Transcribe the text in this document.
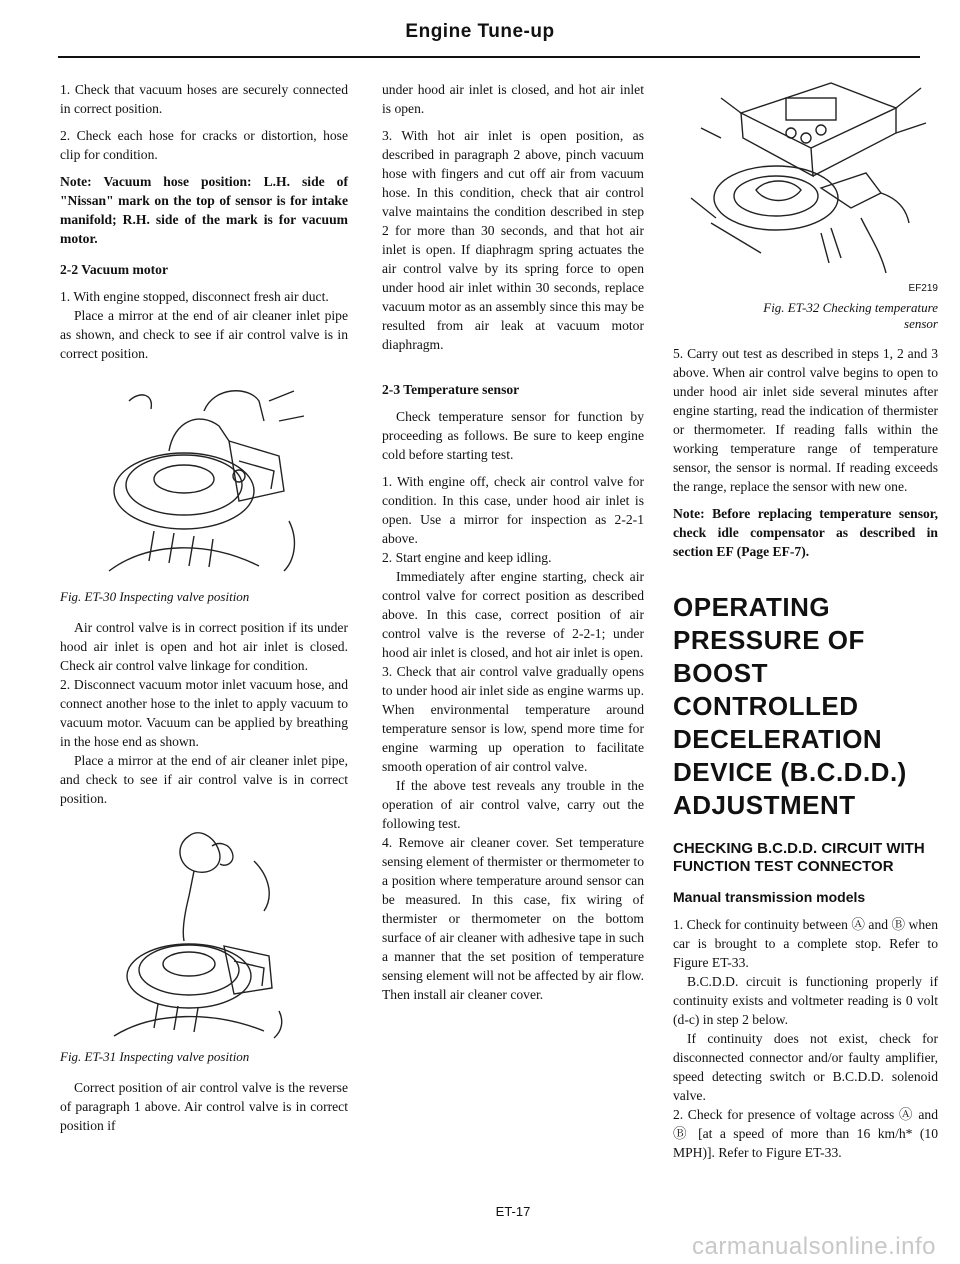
Engine Tune-up

1. Check that vacuum hoses are securely connected in correct position.

2. Check each hose for cracks or distortion, hose clip for condition.

Note: Vacuum hose position: L.H. side of "Nissan" mark on the top of sensor is for intake manifold; R.H. side of the mark is for vacuum motor.

2-2 Vacuum motor

1. With engine stopped, disconnect fresh air duct.

Place a mirror at the end of air cleaner inlet pipe as shown, and check to see if air control valve is in correct position.

Fig. ET-30 Inspecting valve position

Air control valve is in correct position if its under hood air inlet is open and hot air inlet is closed. Check air control valve linkage for condition.

2. Disconnect vacuum motor inlet vacuum hose, and connect another hose to the inlet to apply vacuum to vacuum motor. Vacuum can be applied by breathing in the hose end as shown.

Place a mirror at the end of air cleaner inlet pipe, and check to see if air control valve is in correct position.

Fig. ET-31 Inspecting valve position

Correct position of air control valve is the reverse of paragraph 1 above. Air control valve is in correct position if

under hood air inlet is closed, and hot air inlet is open.

3. With hot air inlet is open position, as described in paragraph 2 above, pinch vacuum hose with fingers and cut off air from vacuum hose. In this condition, check that air control valve maintains the condition described in step 2 for more than 30 seconds, and that hot air inlet is open. If diaphragm spring actuates the air control valve by its spring force to open under hood air inlet within 30 seconds, replace vacuum motor as an assembly since this may be resulted from air leak at vacuum motor diaphragm.

2-3 Temperature sensor

Check temperature sensor for function by proceeding as follows. Be sure to keep engine cold before starting test.

1. With engine off, check air control valve for condition. In this case, under hood air inlet is open. Use a mirror for inspection as 2-2-1 above.

2. Start engine and keep idling.

Immediately after engine starting, check air control valve for correct position as described above. In this case, correct position of air control valve is the reverse of 2-2-1; under hood air inlet is closed, and hot air inlet is open.

3. Check that air control valve gradually opens to under hood air inlet side as engine warms up. When environmental temperature around temperature sensor is low, spend more time for engine warming up operation to facilitate smooth operation of air control valve.

If the above test reveals any trouble in the operation of air control valve, carry out the following test.

4. Remove air cleaner cover. Set temperature sensing element of thermister or thermometer to a position where temperature around sensor can be measured. In this case, fix wiring of thermister or thermometer on the bottom surface of air cleaner with adhesive tape in such a manner that the set position of temperature sensing element will not be affected by air flow. Then install air cleaner cover.

ET-17
EF219

Fig. ET-32 Checking temperature
sensor

5. Carry out test as described in steps 1, 2 and 3 above. When air control valve begins to open to under hood air inlet side several minutes after engine starting, read the indication of thermister or thermometer. If reading falls within the working temperature range of temperature sensor, the sensor is normal. If reading exceeds the range, replace the sensor with new one.

Note: Before replacing temperature sensor, check idle compensator as described in section EF (Page EF-7).

OPERATING PRESSURE OF BOOST CONTROLLED DECELERATION DEVICE (B.C.D.D.) ADJUSTMENT
CHECKING B.C.D.D. CIRCUIT WITH FUNCTION TEST CONNECTOR
Manual transmission models

1. Check for continuity between Ⓐ and Ⓑ when car is brought to a complete stop. Refer to Figure ET-33.

B.C.D.D. circuit is functioning properly if continuity exists and voltmeter reading is 0 volt (d-c) in step 2 below.

If continuity does not exist, check for disconnected connector and/or faulty amplifier, speed detecting switch or B.C.D.D. solenoid valve.

2. Check for presence of voltage across Ⓐ and Ⓑ [at a speed of more than 16 km/h* (10 MPH)]. Refer to Figure ET-33.

carmanualsonline.info
